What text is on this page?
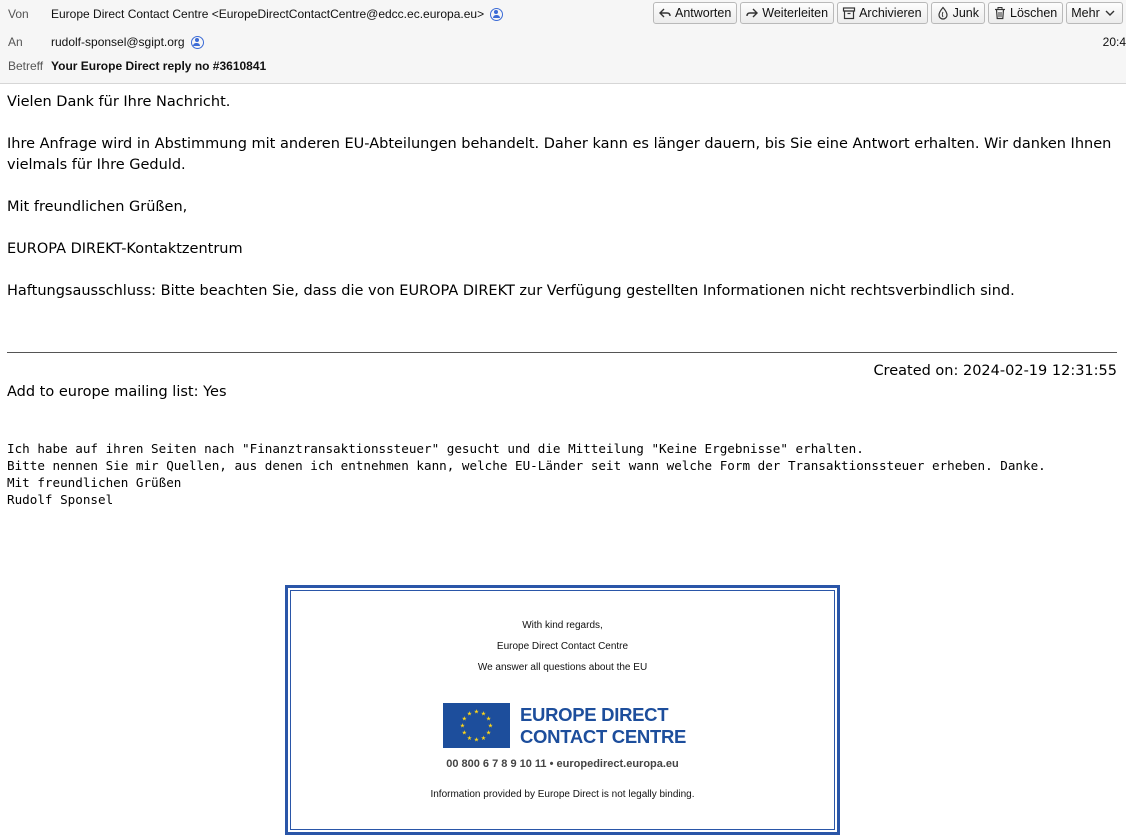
Von	Europe Direct Contact Centre <EuropeDirectContactCentre@edcc.ec.europa.eu>
An	rudolf-sponsel@sgipt.org
Betreff Your Europe Direct reply no #3610841
Antworten Weiterleiten Archivieren Junk Löschen Mehr
20:4

Vielen Dank für Ihre Nachricht.

Ihre Anfrage wird in Abstimmung mit anderen EU-Abteilungen behandelt. Daher kann es länger dauern, bis Sie eine Antwort erhalten. Wir danken Ihnen vielmals für Ihre Geduld.

Mit freundlichen Grüßen,

EUROPA DIREKT-Kontaktzentrum

Haftungsausschluss: Bitte beachten Sie, dass die von EUROPA DIREKT zur Verfügung gestellten Informationen nicht rechtsverbindlich sind.

Created on: 2024-02-19 12:31:55
Add to europe mailing list: Yes
Ich habe auf ihren Seiten nach "Finanztransaktionssteuer" gesucht und die Mitteilung "Keine Ergebnisse" erhalten.
Bitte nennen Sie mir Quellen, aus denen ich entnehmen kann, welche EU-Länder seit wann welche Form der Transaktionssteuer erheben. Danke.
Mit freundlichen Grüßen
Rudolf Sponsel
With kind regards,
Europe Direct Contact Centre
We answer all questions about the EU
★ ★
★
★
★
★
★
★
★
★
★
★	EUROPE DIRECT
CONTACT CENTRE
00 800 6 7 8 9 10 11 • europedirect.europa.eu
Information provided by Europe Direct is not legally binding.
